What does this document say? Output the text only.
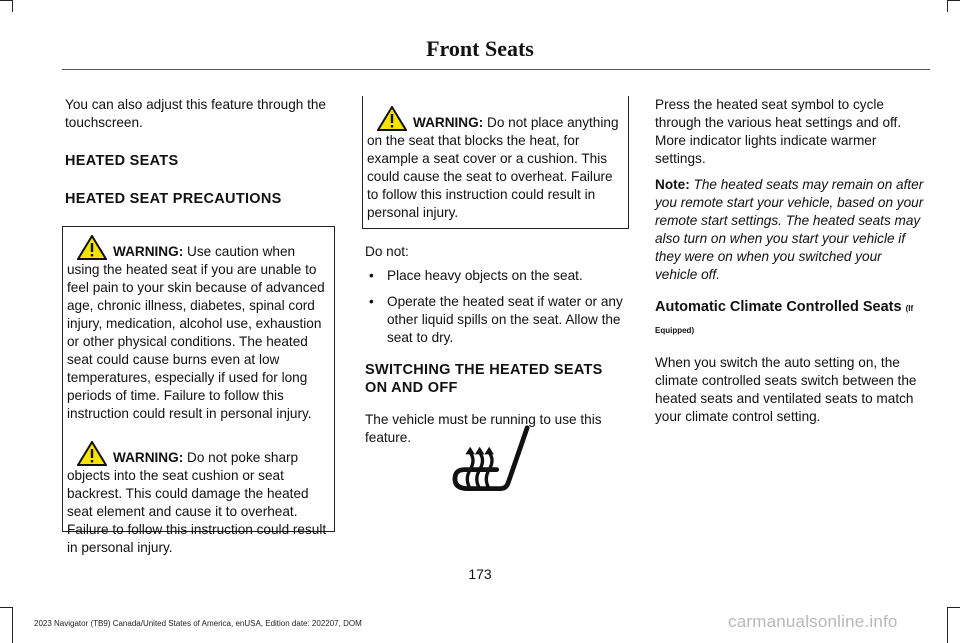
Front Seats

You can also adjust this feature through the touchscreen.

HEATED SEATS

HEATED SEAT PRECAUTIONS

WARNING: Use caution when using the heated seat if you are unable to feel pain to your skin because of advanced age, chronic illness, diabetes, spinal cord injury, medication, alcohol use, exhaustion or other physical conditions. The heated seat could cause burns even at low temperatures, especially if used for long periods of time. Failure to follow this instruction could result in personal injury.

WARNING: Do not poke sharp objects into the seat cushion or seat backrest. This could damage the heated seat element and cause it to overheat. Failure to follow this instruction could result in personal injury.

WARNING: Do not place anything on the seat that blocks the heat, for example a seat cover or a cushion. This could cause the seat to overheat. Failure to follow this instruction could result in personal injury.

Do not:

• Place heavy objects on the seat.
• Operate the heated seat if water or any other liquid spills on the seat. Allow the seat to dry.

SWITCHING THE HEATED SEATS ON AND OFF

The vehicle must be running to use this feature.

Press the heated seat symbol to cycle through the various heat settings and off. More indicator lights indicate warmer settings.

Note: The heated seats may remain on after you remote start your vehicle, based on your remote start settings. The heated seats may also turn on when you start your vehicle if they were on when you switched your vehicle off.

Automatic Climate Controlled Seats (If

Equipped)

When you switch the auto setting on, the climate controlled seats switch between the heated seats and ventilated seats to match your climate control setting.

173
2023 Navigator (TB9) Canada/United States of America, enUSA, Edition date: 202207, DOM	carmanualsonline.info
